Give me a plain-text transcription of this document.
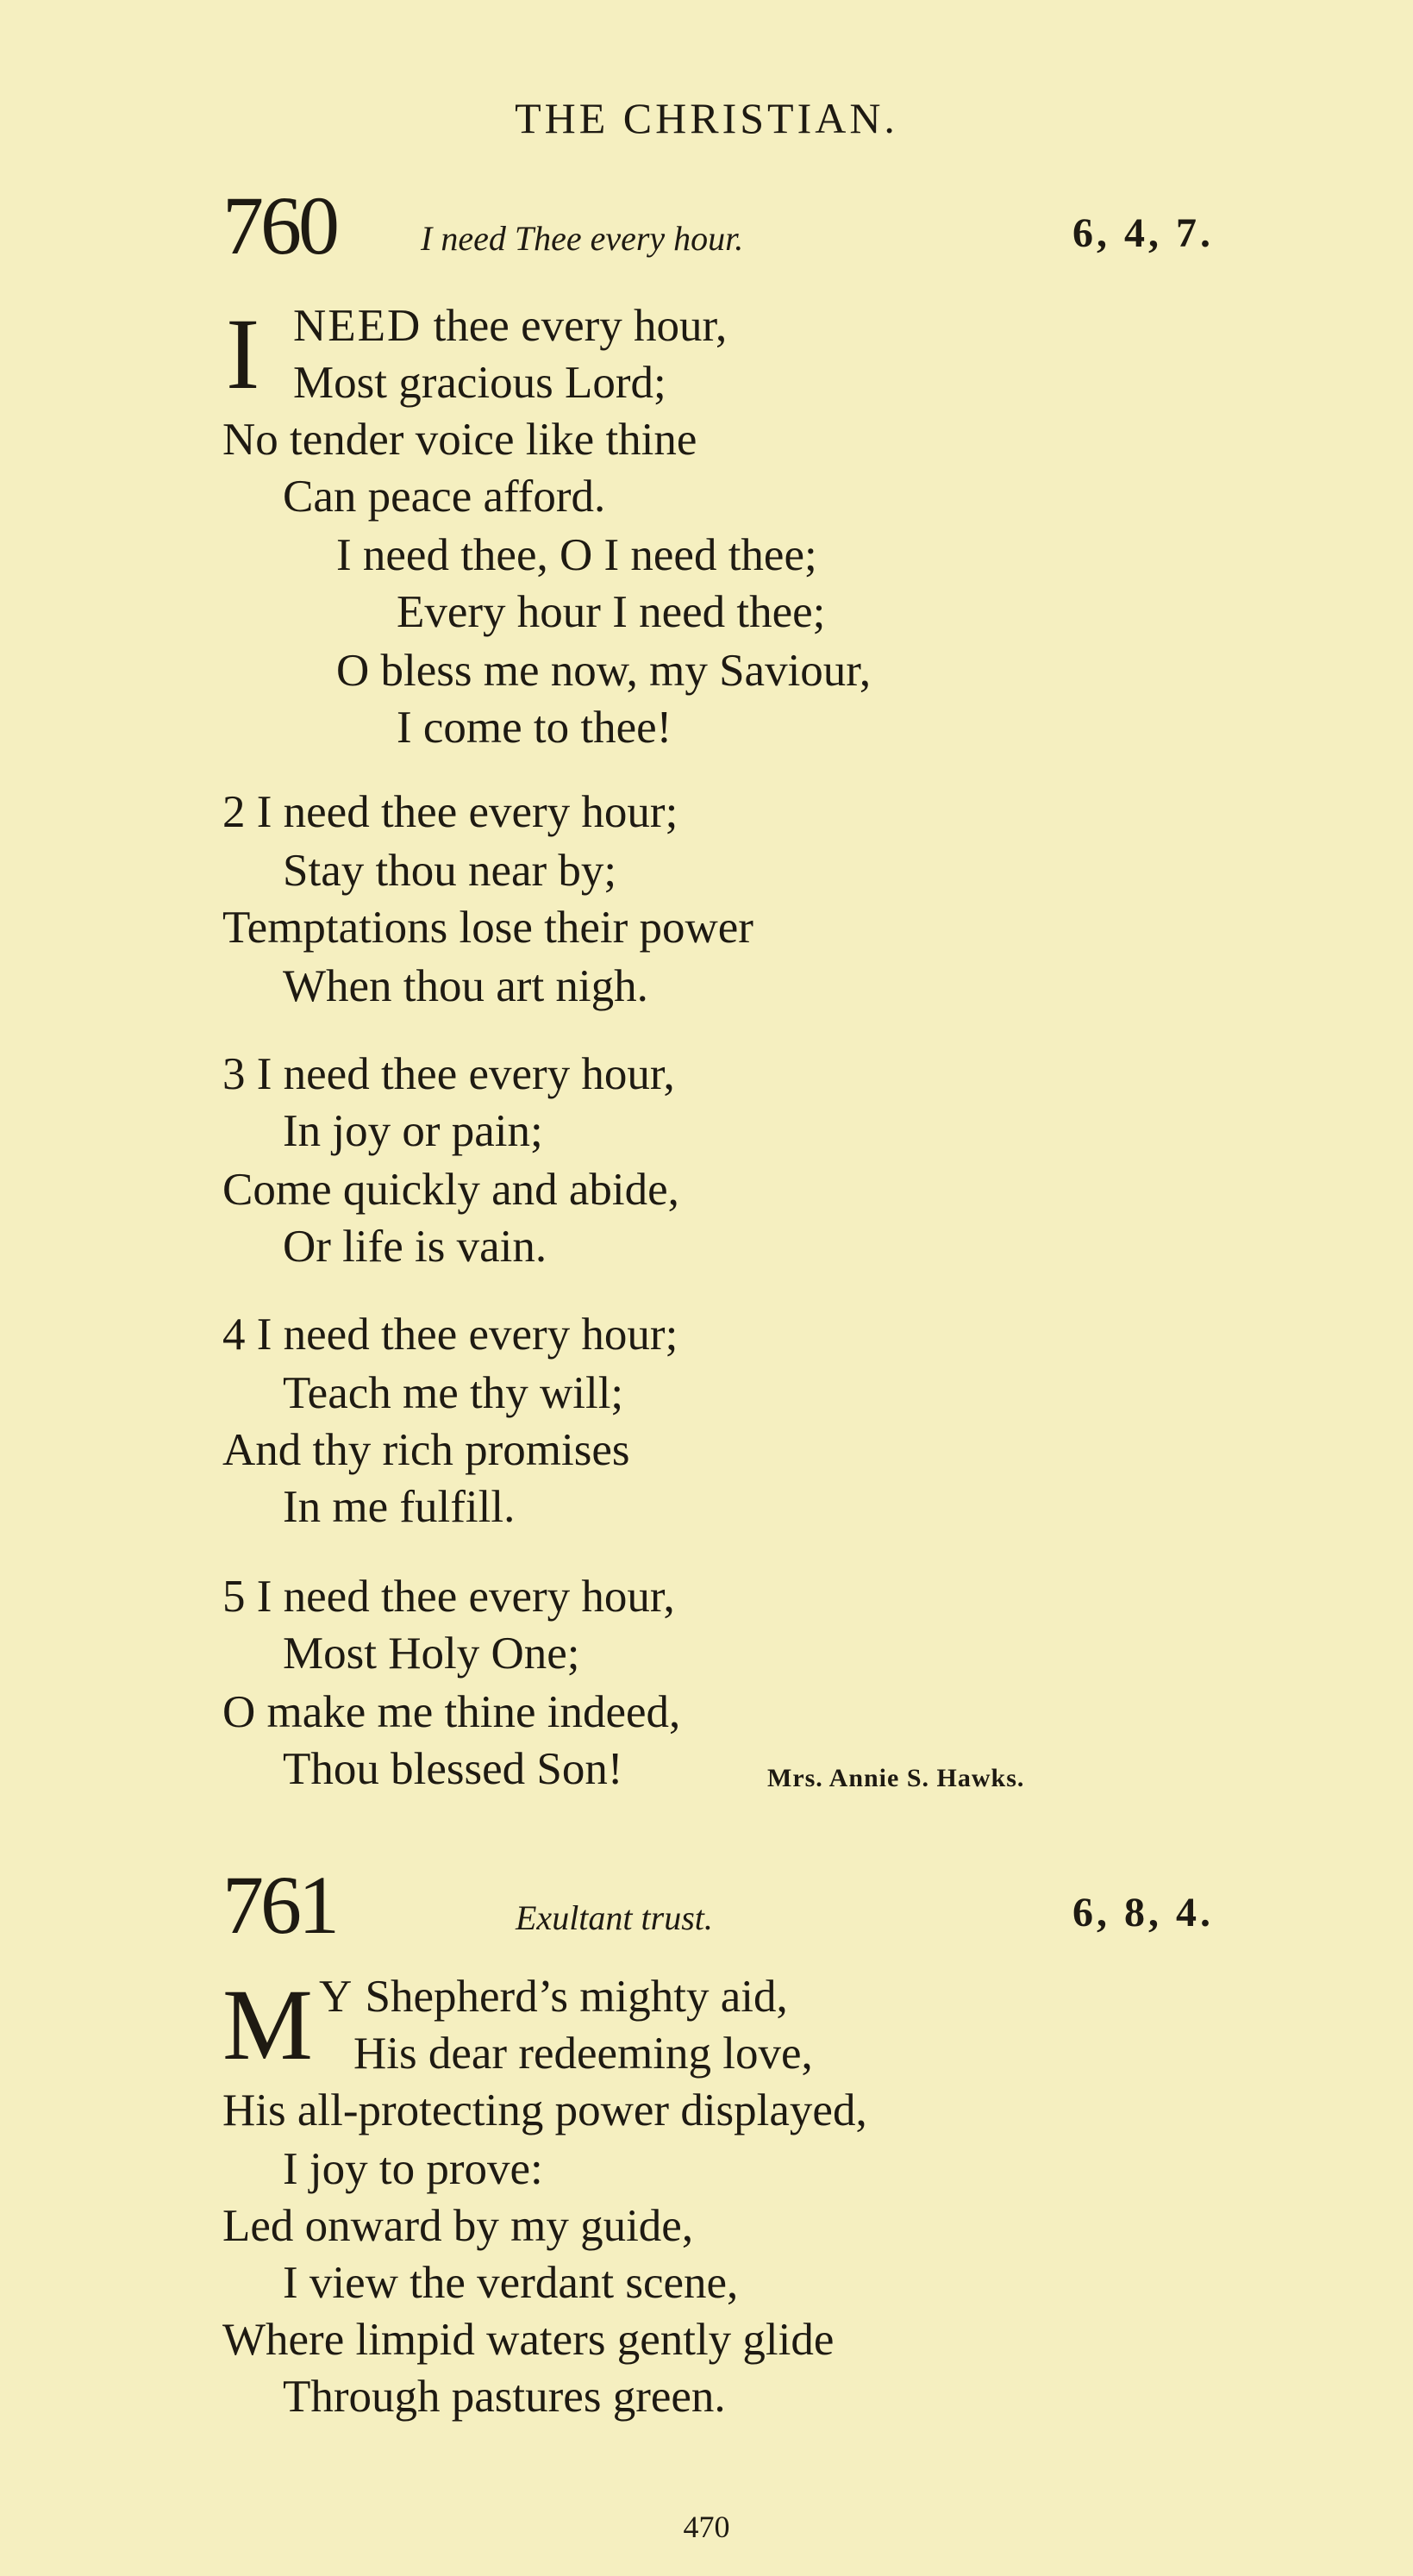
THE CHRISTIAN.
760 I need Thee every hour.	6, 4, 7.
I NEED thee every hour,
Most gracious Lord;
No tender voice like thine
Can peace afford.
I need thee, O I need thee;
Every hour I need thee;
O bless me now, my Saviour,
I come to thee!
2 I need thee every hour;
Stay thou near by;
Temptations lose their power
When thou art nigh.
3 I need thee every hour,
In joy or pain;
Come quickly and abide,
Or life is vain.
4 I need thee every hour;
Teach me thy will;
And thy rich promises
In me fulfill.
5 I need thee every hour,
Most Holy One;
O make me thine indeed,
Thou blessed Son!	Mrs. Annie S. Hawks.
761	Exultant trust.	6, 8, 4.
M Y Shepherd’s mighty aid,
His dear redeeming love,
His all-protecting power displayed,
I joy to prove:
Led onward by my guide,
I view the verdant scene,
Where limpid waters gently glide
Through pastures green.
470
